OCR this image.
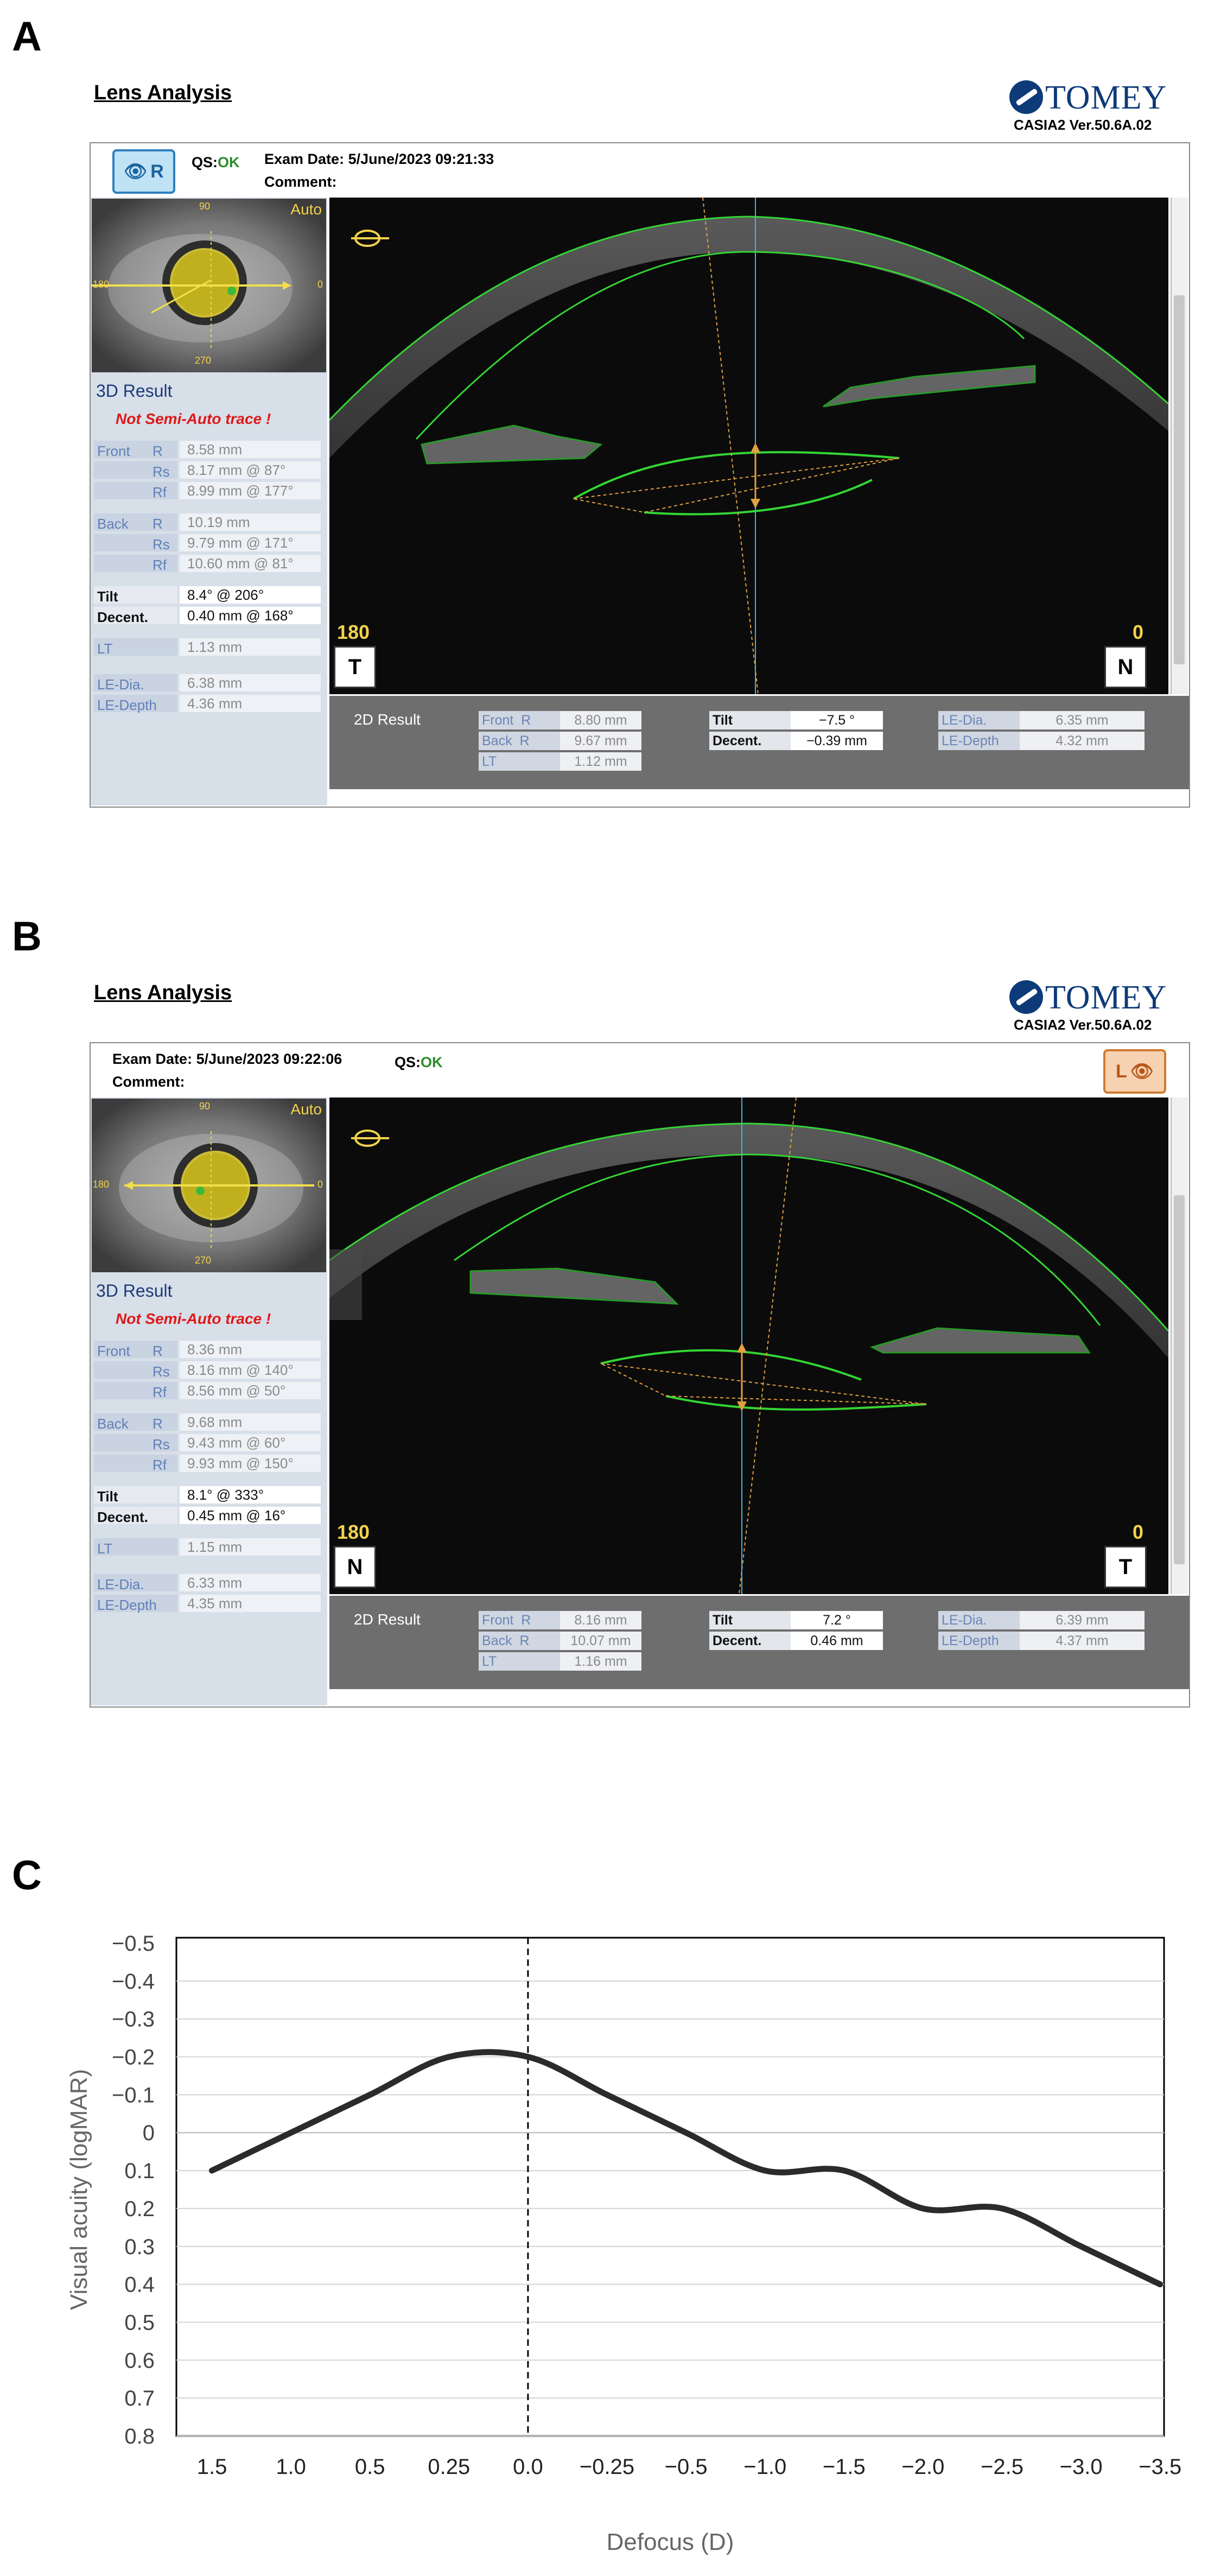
A
Lens Analysis	TOMEY
CASIA2 Ver.50.6A.02
👁 R QS:OK Exam Date: 5/June/2023 09:21:33
Comment:
Auto
90
180	0
270
3D Result
Not Semi-Auto trace !
Front R	8.58 mm
Rs	8.17 mm @ 87°
Rf	8.99 mm @ 177°
Back R	10.19 mm
Rs	9.79 mm @ 171°
Rf	10.60 mm @ 81°
Tilt	8.4° @ 206°
Decent.	0.40 mm @ 168°
LT	1.13 mm
LE-Dia.	6.38 mm
LE-Depth	4.36 mm
180	0
T	N
2D Result	Front R	8.80 mm
Back R	9.67 mm
LT	1.12 mm
Tilt	−7.5 °
Decent.	−0.39 mm
LE-Dia.	6.35 mm
LE-Depth	4.32 mm
B
Lens Analysis	TOMEY
CASIA2 Ver.50.6A.02
Exam Date: 5/June/2023 09:22:06	QS:OK
Comment:
L 👁
Auto
90
180	0
270
3D Result
Not Semi-Auto trace !
Front R	8.36 mm
Rs	8.16 mm @ 140°
Rf	8.56 mm @ 50°
Back R	9.68 mm
Rs	9.43 mm @ 60°
Rf	9.93 mm @ 150°
Tilt	8.1° @ 333°
Decent.	0.45 mm @ 16°
LT	1.15 mm
LE-Dia.	6.33 mm
LE-Depth	4.35 mm
180	0
N	T
2D Result	Front R	8.16 mm
Back R	10.07 mm
LT	1.16 mm
Tilt	7.2 °
Decent.	0.46 mm
LE-Dia.	6.39 mm
LE-Depth	4.37 mm
C
−0.5
−0.4
−0.3
−0.2
−0.1
0
0.1
0.2
0.3
0.4
0.5
0.6
0.7
0.8
1.5 1.0 0.5 0.25 0.0 −0.25 −0.5 −1.0 −1.5 −2.0 −2.5 −3.0 −3.5
Defocus (D)
Visual acuity (logMAR)
